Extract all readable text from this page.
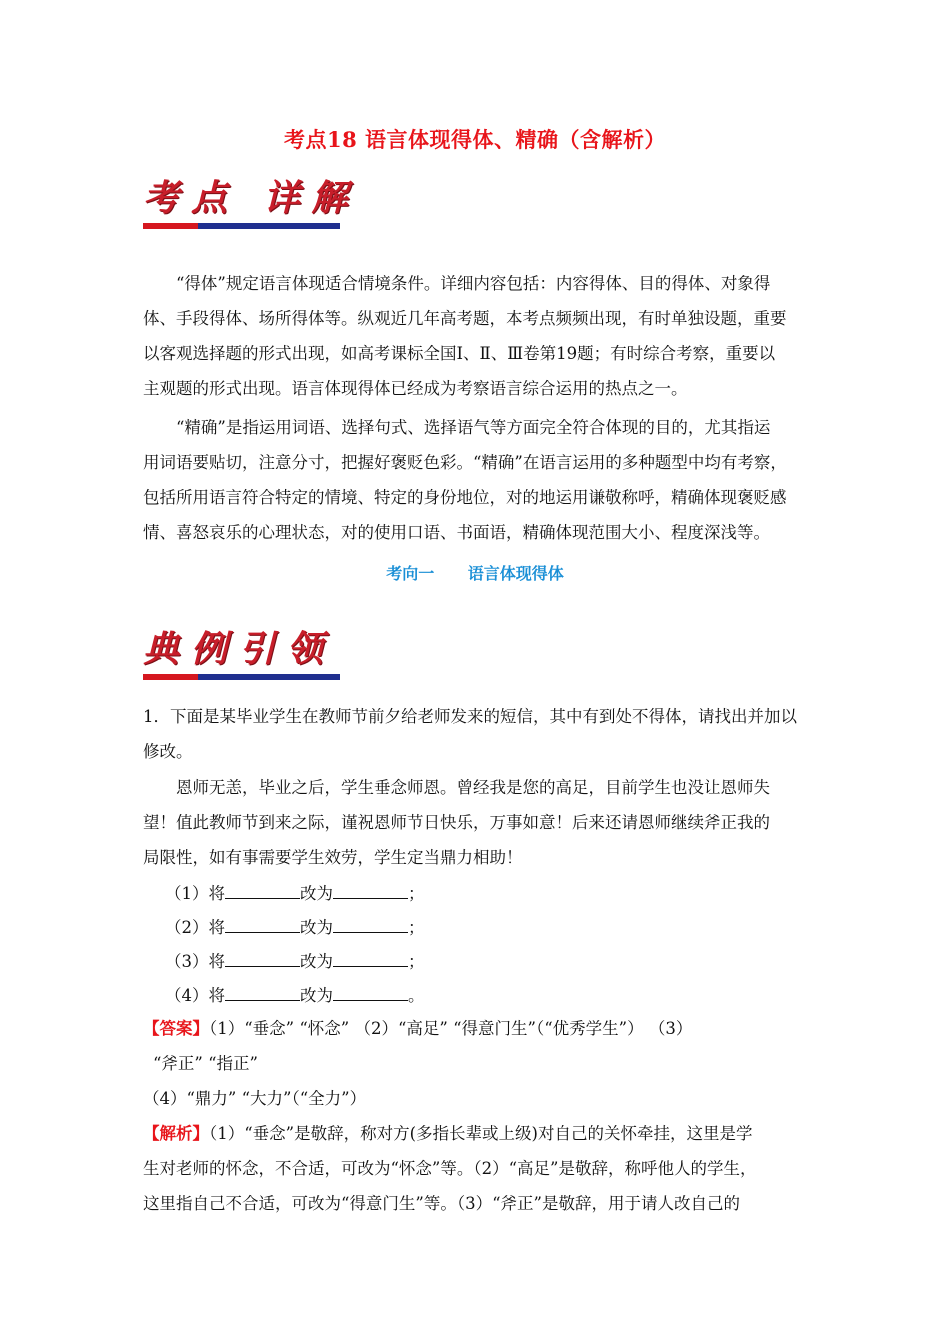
考点18 语言体现得体、精确（含解析）
考点 详解
“得体”规定语言体现适合情境条件。详细内容包括：内容得体、目的得体、对象得
体、手段得体、场所得体等。纵观近几年高考题，本考点频频出现，有时单独设题，重要
以客观选择题的形式出现，如高考课标全国Ⅰ、Ⅱ、Ⅲ卷第19题；有时综合考察，重要以
主观题的形式出现。语言体现得体已经成为考察语言综合运用的热点之一。
“精确”是指运用词语、选择句式、选择语气等方面完全符合体现的目的，尤其指运
用词语要贴切，注意分寸，把握好褒贬色彩。“精确”在语言运用的多种题型中均有考察，
包括所用语言符合特定的情境、特定的身份地位，对的地运用谦敬称呼，精确体现褒贬感
情、喜怒哀乐的心理状态，对的使用口语、书面语，精确体现范围大小、程度深浅等。
考向一 语言体现得体
典例引领
1．下面是某毕业学生在教师节前夕给老师发来的短信，其中有到处不得体，请找出并加以
修改。
恩师无恙，毕业之后，学生垂念师恩。曾经我是您的高足，目前学生也没让恩师失
望！值此教师节到来之际，谨祝恩师节日快乐，万事如意！后来还请恩师继续斧正我的
局限性，如有事需要学生效劳，学生定当鼎力相助！
（1）将	改为	；
（2）将	改为	；
（3）将	改为	；
（4）将	改为	。
【答案】（1）“垂念” “怀念” （2）“高足” “得意门生”（“优秀学生”） （3）
“斧正” “指正”
（4）“鼎力” “大力”（“全力”）
【解析】（1）“垂念”是敬辞，称对方(多指长辈或上级)对自己的关怀牵挂，这里是学
生对老师的怀念，不合适，可改为“怀念”等。（2）“高足”是敬辞，称呼他人的学生，
这里指自己不合适，可改为“得意门生”等。（3）“斧正”是敬辞，用于请人改自己的
